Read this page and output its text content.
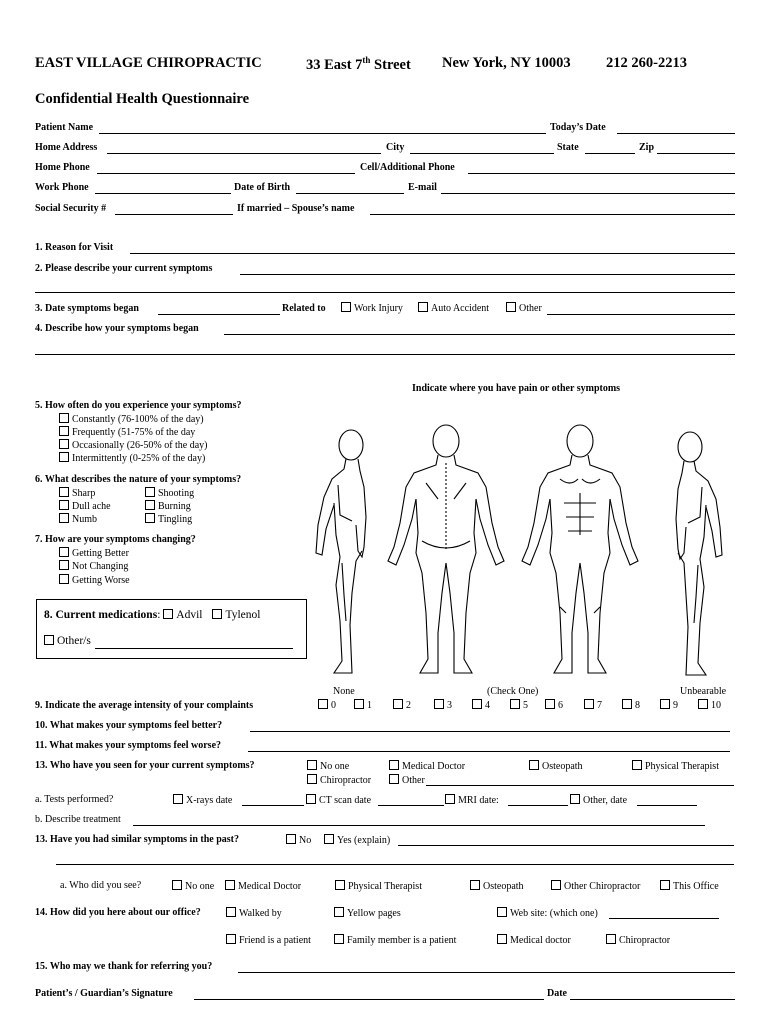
EAST VILLAGE CHIROPRACTIC	33 East 7th Street New York, NY 10003 212 260-2213
Confidential Health Questionnaire
Patient Name	Today’s Date
Home Address	City	State	Zip
Home Phone	Cell/Additional Phone
Work Phone	Date of Birth	E-mail
Social Security #	If married – Spouse’s name
1. Reason for Visit
2. Please describe your current symptoms
3. Date symptoms began	Related to	Work Injury	Auto Accident	Other
4. Describe how your symptoms began
Indicate where you have pain or other symptoms
5. How often do you experience your symptoms?
Constantly (76-100% of the day)
Frequently (51-75% of the day
Occasionally (26-50% of the day)
Intermittently (0-25% of the day)
6. What describes the nature of your symptoms?
Sharp
Dull ache
Numb
Shooting
Burning
Tingling
7. How are your symptoms changing?
Getting Better
Not Changing
Getting Worse
8. Current medications: Advil Tylenol
Other/s
None	(Check One)	Unbearable
9. Indicate the average intensity of your complaints	0	1	2	3	4	5	6	7	8	9	10
10. What makes your symptoms feel better?
11. What makes your symptoms feel worse?
13. Who have you seen for your current symptoms?	No one	Medical Doctor	Osteopath	Physical Therapist
Chiropractor	Other
a. Tests performed?	X-rays date	CT scan date	MRI date:	Other, date
b. Describe treatment
13. Have you had similar symptoms in the past?	No	Yes (explain)
a. Who did you see?	No one	Medical Doctor	Physical Therapist	Osteopath	Other Chiropractor	This Office
14. How did you here about our office?	Walked by	Yellow pages	Web site: (which one)
Friend is a patient	Family member is a patient	Medical doctor	Chiropractor
15. Who may we thank for referring you?
Patient’s / Guardian’s Signature	Date
